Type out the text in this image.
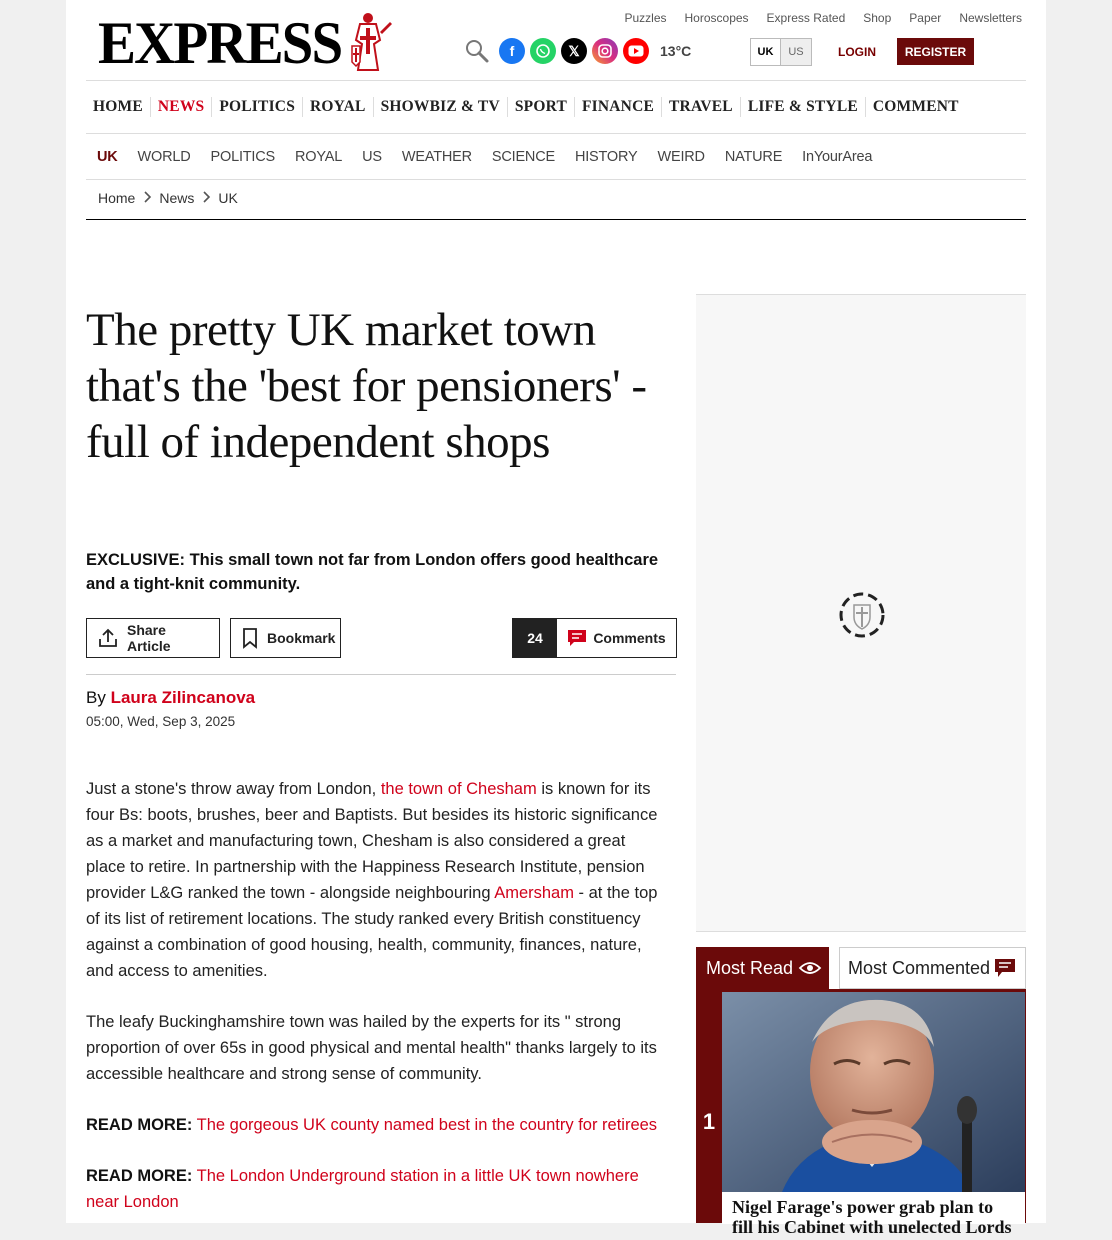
EXPRESS	Puzzles Horoscopes Express Rated Shop Paper Newsletters
f	𝕏	13°C	UK	US	LOGIN	REGISTER
HOME NEWS POLITICS ROYAL SHOWBIZ & TV SPORT FINANCE TRAVEL LIFE & STYLE COMMENT
UK WORLD POLITICS ROYAL US WEATHER SCIENCE HISTORY WEIRD NATURE InYourArea
Home News UK
The pretty UK market town that's the 'best for pensioners' - full of independent shops

EXCLUSIVE: This small town not far from London offers good healthcare and a tight-knit community.

Share Article	Bookmark	24	Comments
By Laura Zilincanova
05:00, Wed, Sep 3, 2025

Just a stone's throw away from London, the town of Chesham is known for its four Bs: boots, brushes, beer and Baptists. But besides its historic significance as a market and manufacturing town, Chesham is also considered a great place to retire. In partnership with the Happiness Research Institute, pension provider L&G ranked the town - alongside neighbouring Amersham - at the top of its list of retirement locations. The study ranked every British constituency against a combination of good housing, health, community, finances, nature, and access to amenities.

The leafy Buckinghamshire town was hailed by the experts for its " strong proportion of over 65s in good physical and mental health" thanks largely to its accessible healthcare and strong sense of community.

READ MORE: The gorgeous UK county named best in the country for retirees

READ MORE: The London Underground station in a little UK town nowhere near London

Most Read	Most Commented
1
Nigel Farage's power grab plan to fill his Cabinet with unelected Lords
